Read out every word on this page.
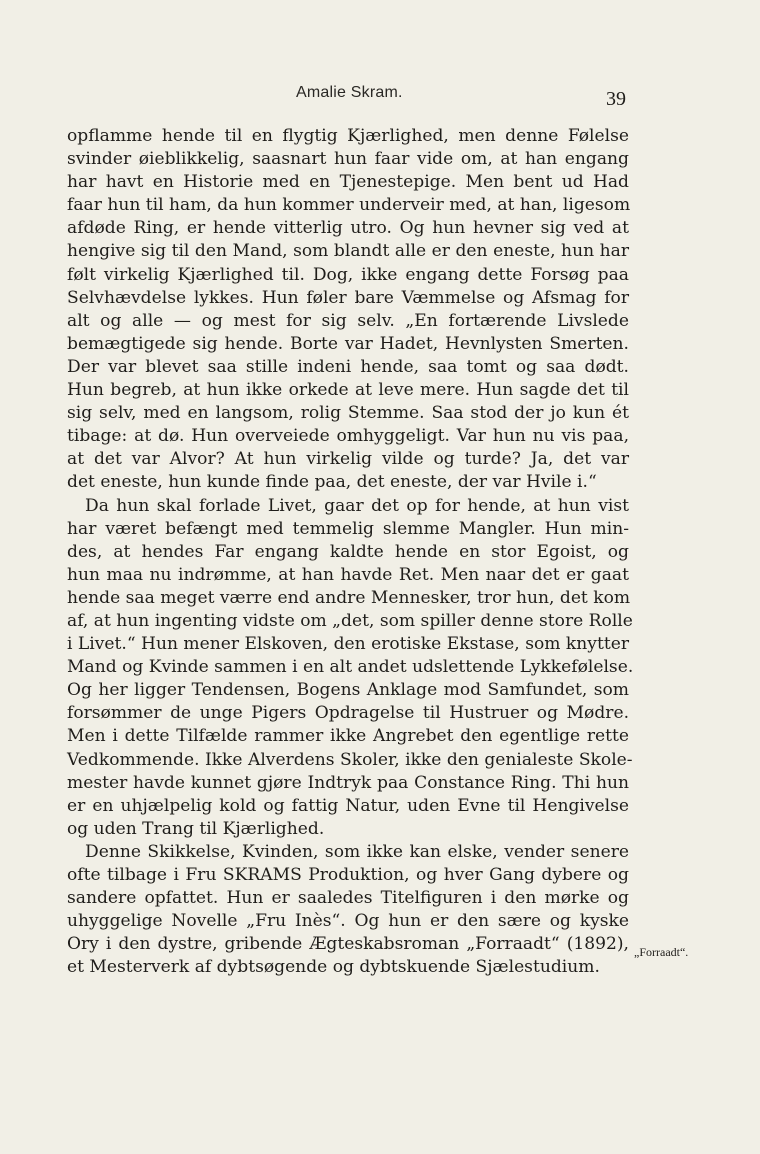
Amalie Skram.	39
opflamme hende til en flygtig Kjærlighed, men denne Følelse
svinder øieblikkelig, saasnart hun faar vide om, at han engang
har havt en Historie med en Tjenestepige. Men bent ud Had
faar hun til ham, da hun kommer underveir med, at han, ligesom
afdøde Ring, er hende vitterlig utro. Og hun hevner sig ved at
hengive sig til den Mand, som blandt alle er den eneste, hun har
følt virkelig Kjærlighed til. Dog, ikke engang dette Forsøg paa
Selvhævdelse lykkes. Hun føler bare Væmmelse og Afsmag for
alt og alle — og mest for sig selv. „En fortærende Livslede
bemægtigede sig hende. Borte var Hadet, Hevnlysten Smerten.
Der var blevet saa stille indeni hende, saa tomt og saa dødt.
Hun begreb, at hun ikke orkede at leve mere. Hun sagde det til
sig selv, med en langsom, rolig Stemme. Saa stod der jo kun ét
tibage: at dø. Hun overveiede omhyggeligt. Var hun nu vis paa,
at det var Alvor? At hun virkelig vilde og turde? Ja, det var
det eneste, hun kunde finde paa, det eneste, der var Hvile i.“
Da hun skal forlade Livet, gaar det op for hende, at hun vist
har været befængt med temmelig slemme Mangler. Hun min-
des, at hendes Far engang kaldte hende en stor Egoist, og
hun maa nu indrømme, at han havde Ret. Men naar det er gaat
hende saa meget værre end andre Mennesker, tror hun, det kom
af, at hun ingenting vidste om „det, som spiller denne store Rolle
i Livet.“ Hun mener Elskoven, den erotiske Ekstase, som knytter
Mand og Kvinde sammen i en alt andet udslettende Lykkefølelse.
Og her ligger Tendensen, Bogens Anklage mod Samfundet, som
forsømmer de unge Pigers Opdragelse til Hustruer og Mødre.
Men i dette Tilfælde rammer ikke Angrebet den egentlige rette
Vedkommende. Ikke Alverdens Skoler, ikke den genialeste Skole-
mester havde kunnet gjøre Indtryk paa Constance Ring. Thi hun
er en uhjælpelig kold og fattig Natur, uden Evne til Hengivelse
og uden Trang til Kjærlighed.
Denne Skikkelse, Kvinden, som ikke kan elske, vender senere
ofte tilbage i Fru SKRAMS Produktion, og hver Gang dybere og
sandere opfattet. Hun er saaledes Titelfiguren i den mørke og
uhyggelige Novelle „Fru Inès“. Og hun er den sære og kyske
Ory i den dystre, gribende Ægteskabsroman „Forraadt“ (1892),
et Mesterverk af dybtsøgende og dybtskuende Sjælestudium.
„Forraadt“.
